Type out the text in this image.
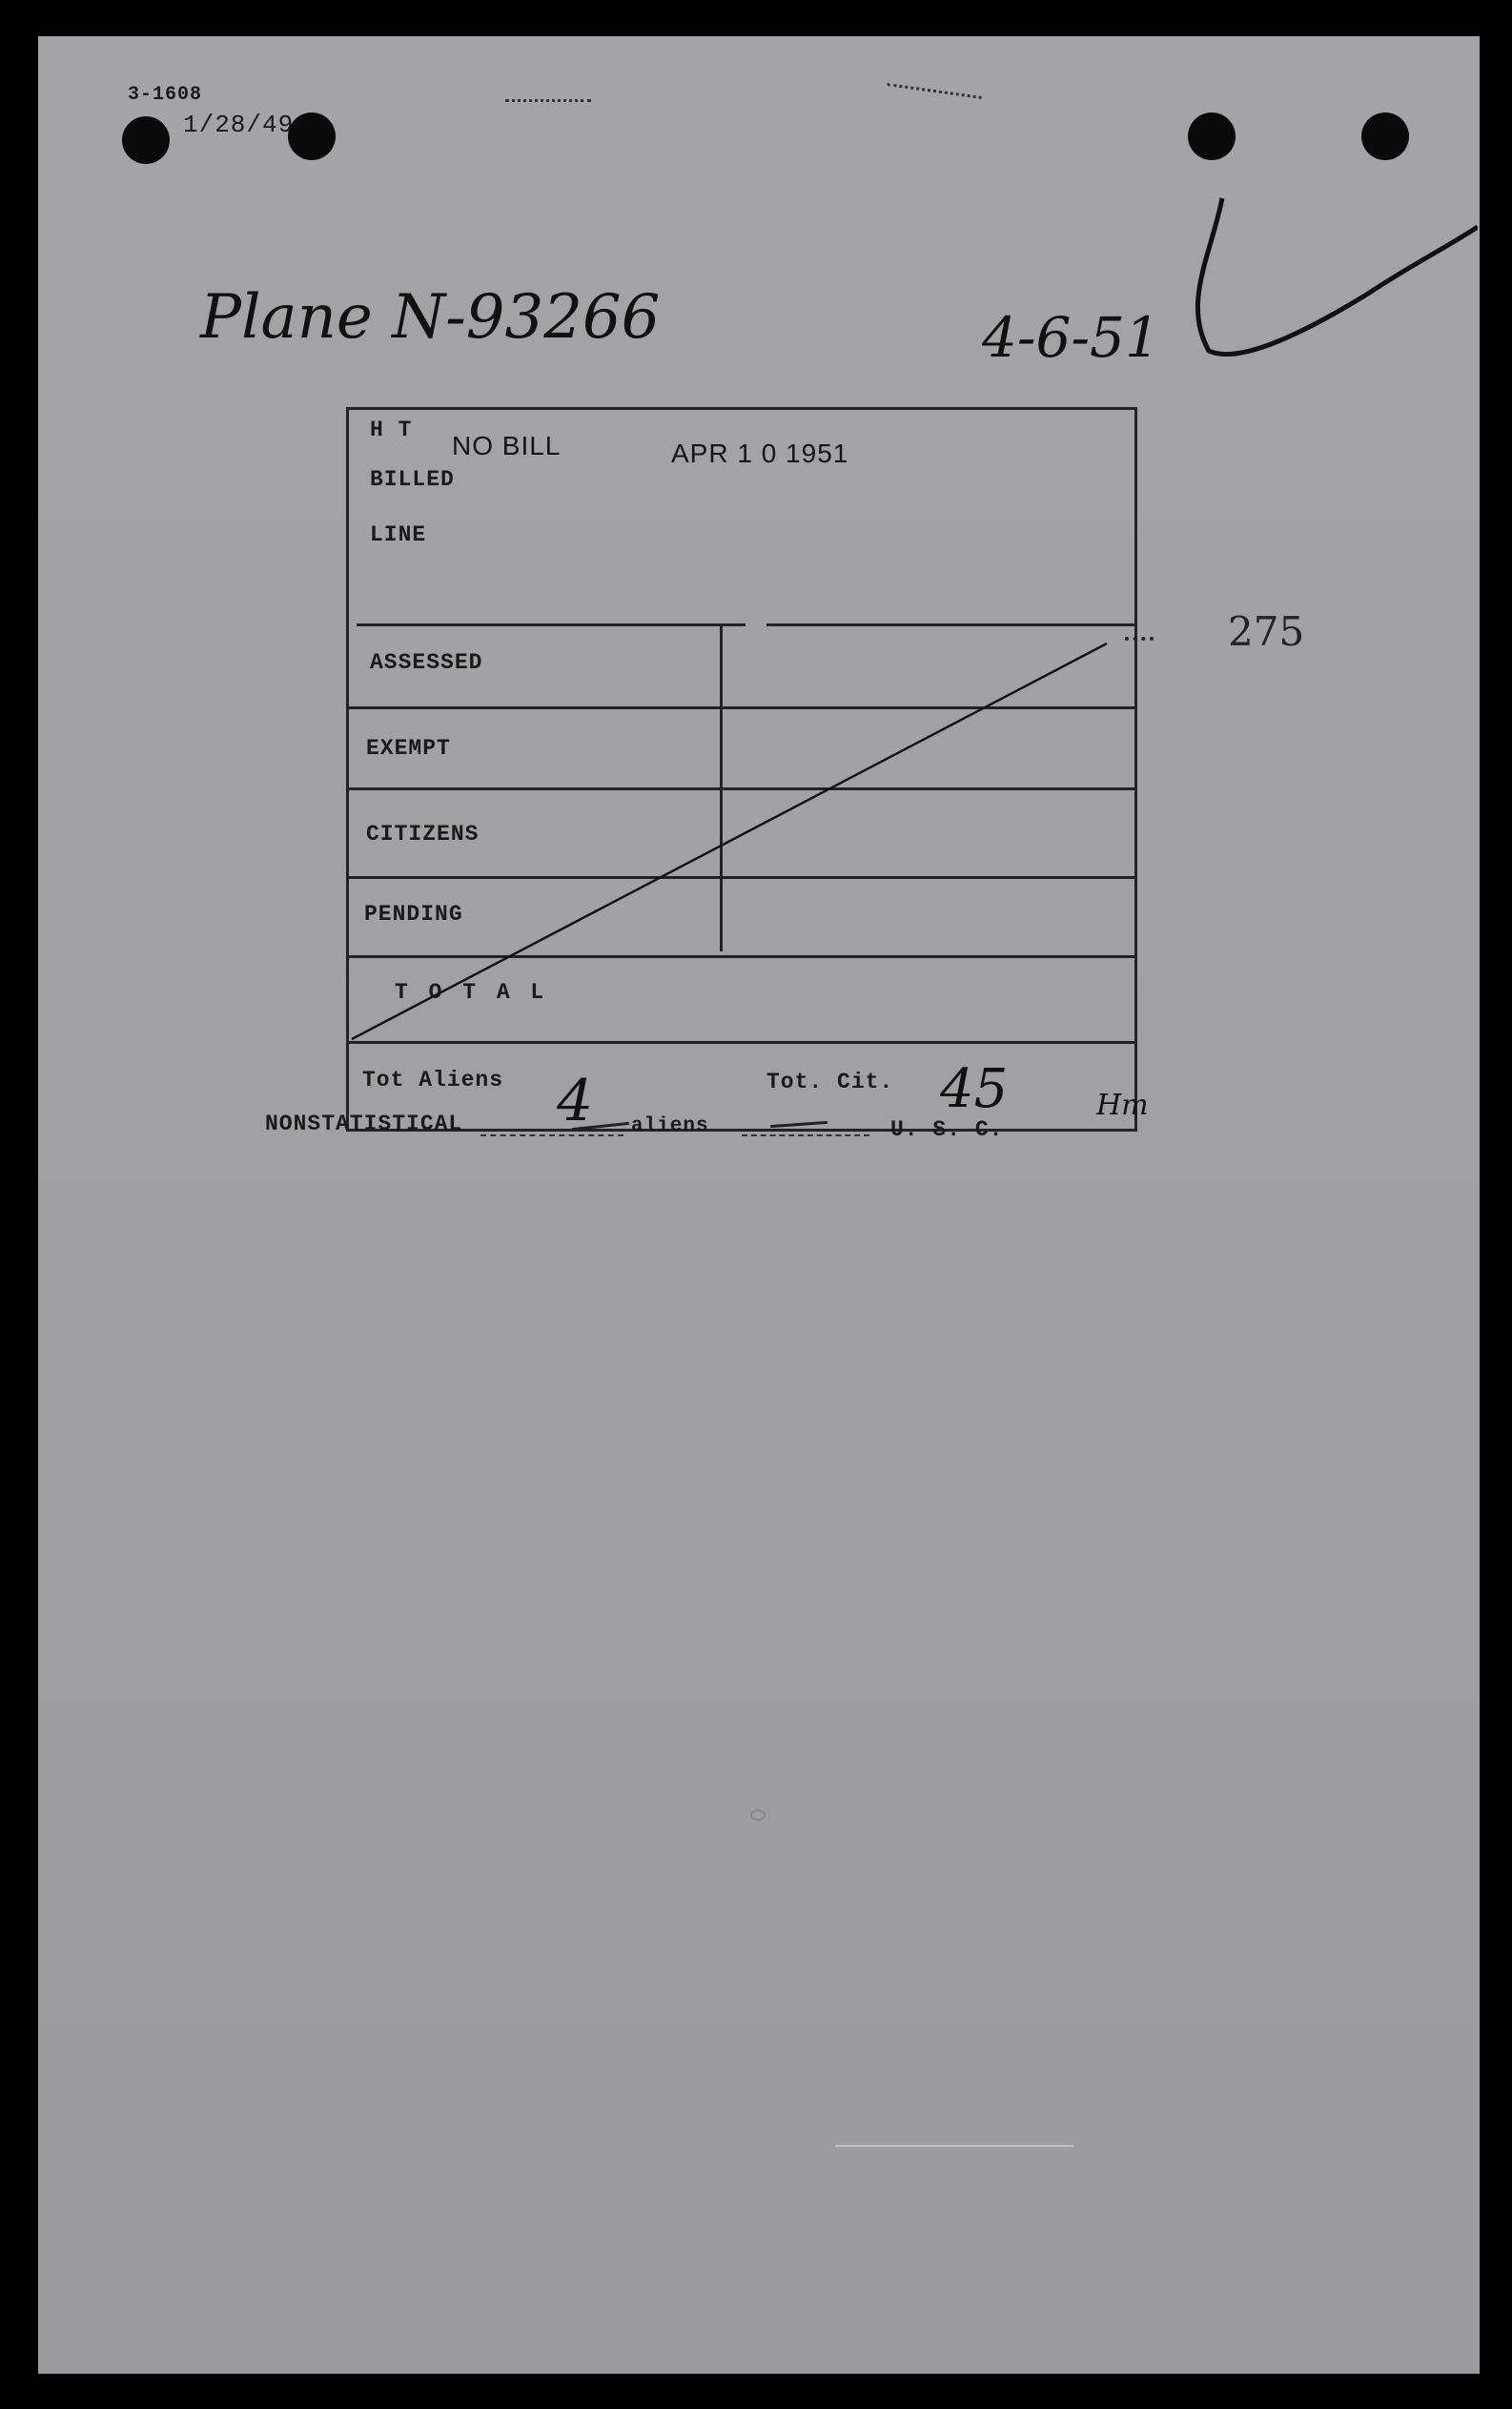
3-1608
1/28/49
Plane N-93266	4-6-51
H T
NO BILL	APR 1 0 1951
BILLED
LINE
ASSESSED
EXEMPT
CITIZENS
PENDING
T O T A L
Tot Aliens 4	Tot. Cit. 45
275
Hm
NONSTATISTICAL	aliens	U. S. C.
